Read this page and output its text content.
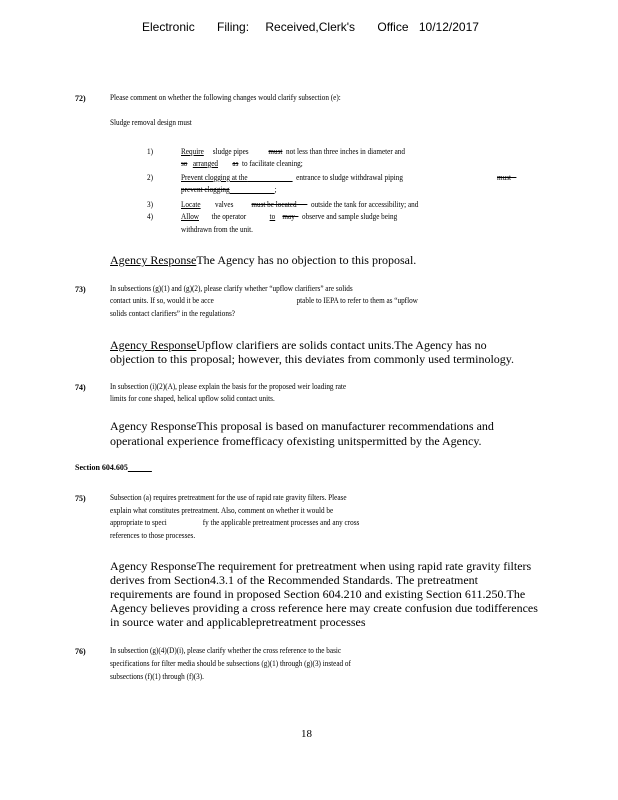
Electronic Filing: Received,Clerk's Office 10/12/2017
72)	Please comment on whether the following changes would clarify subsection (e):
Sludge removal design must
1)	Require sludge pipes must not less than three inches in diameter and
so arranged as to facilitate cleaning;
2)	Prevent clogging at the	entrance to sludge withdrawal piping	must
prevent clogging	;
3)	Locate valves must be located outside the tank for accessibility; and
4)	Allow the operator	to may observe and sample sludge being
withdrawn from the unit.
Agency ResponseThe Agency has no objection to this proposal.
73)	In subsections (g)(1) and (g)(2), please clarify whether “upflow clarifiers” are solids
contact units. If so, would it be acce	ptable to IEPA to refer to them as “upflow
solids contact clarifiers” in the regulations?
Agency ResponseUpflow clarifiers are solids contact units.The Agency has no
objection to this proposal; however, this deviates from commonly used terminology.
74)	In subsection (i)(2)(A), please explain the basis for the proposed weir loading rate
limits for cone shaped, helical upflow solid contact units.
Agency ResponseThis proposal is based on manufacturer recommendations and
operational experience fromefficacy ofexisting unitspermitted by the Agency.
Section 604.605
75)	Subsection (a) requires pretreatment for the use of rapid rate gravity filters. Please
explain what constitutes pretreatment. Also, comment on whether it would be
appropriate to speci	fy the applicable pretreatment processes and any cross
references to those processes.
Agency ResponseThe requirement for pretreatment when using rapid rate gravity filters
derives from Section4.3.1 of the Recommended Standards. The pretreatment
requirements are found in proposed Section 604.210 and existing Section 611.250.The
Agency believes providing a cross reference here may create confusion due todifferences
in source water and applicablepretreatment processes
76)	In subsection (g)(4)(D)(i), please clarify whether the cross reference to the basic
specifications for filter media should be subsections (g)(1) through (g)(3) instead of
subsections (f)(1) through (f)(3).
18
